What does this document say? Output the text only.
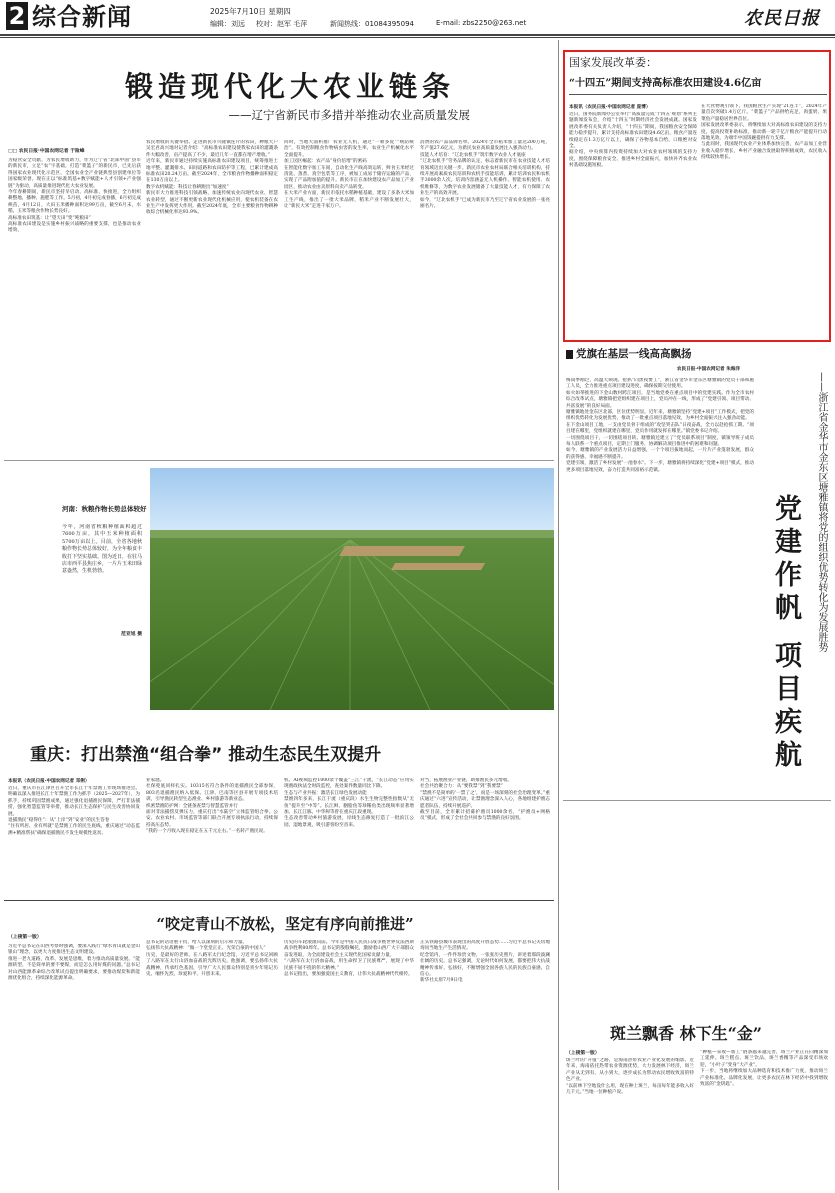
2 综合新闻	2025年7月10日 星期四
编辑：刘远 校对：赵军 毛萍	新闻热线：01084395094	E-mail: zbs2250@263.net	农民日报
锻造现代化大农业链条
——辽宁省新民市多措并举推动农业高质量发展
□□ 农民日报·中国农网记者 于险峰
为稳食安全贡献，为农民增收助力，作为辽宁省“北部中国”县市的新民市，立足“农”字基础，打造“菜篮子”的新民市，已先后获得国家农业现代化示范区、全国农业全产业链典型县创建单位等国家级荣誉。现在正以“标准筑基+数字赋能+人才引领+产业强链”为驱动，高质量推进现代化大农业发展。
今年春耕期间，新民市坚持早启动、高标准、快推进，全力组织耕整地、播种、施肥等工作。5月初，4月初完成春播，6月初完成秧苗，4月12日，大田玉米播种面积达99万亩，截至6月末，水稻、玉米等粮食作物长势良好。
高标准农田筑基：让“望天田”变“吨粮田”
高标准农田建设是实施乡村振兴战略的重要支撑，也是推动农业增效、
农民增收的关键举措。走进新民市兴隆镇连片的农田，种粮大户吴宏君高兴地对记者介绍：“高标准农田建设使我家农田的灌溉条件大幅改善，亩产提高了不少，最近几年一直都在增产增收。”
近年来，新民市通过持续实施高标准农田建设项目，统筹推进土地平整、灌溉排水、田间道路和农田防护等工程，已累计建成高标准农田20.24万亩。截至2024年，全市粮食作物播种面积稳定在130万亩以上。
数字农机赋能：科技让春耕跑出“加速度”
新民市大力推进科技引领战略，加速传统农业向现代农业、智慧农业转型，通过不断更新农业现代化机械应用，使农机装备在农业生产中发挥更大作用。截至2024年底，全市主要粮食作物耕种收综合机械化率达93.9%。
同时，当地大面积推广农业无人机，通过“一喷多促”“统防统治”，有效控制粮食作物病虫害的发生率，农业生产机械化水平全面提升。
加工园区崛起：农产品“身价倍增”的密码
在智能化数字加工车间，自动化生产线高效运转，鲜食玉米经过清洗、蒸煮、真空包装等工序，被加工成易于储存运输的产品，实现了产品附加值的提升。新民市正在加快建设农产品加工产业园区，推动农业由卖原料向卖产品转变。
在大米产业方面，新民市依托水稻种植基础，建设了多条大米加工生产线，推出了一批大米品牌，稻米产业不断发展壮大，让“新民大米”走进千家万户。
消费的农产品品牌名单。2024年全市稻米加工量达200万吨，年产值27.6亿元，为新民农业高质量发展注入强劲动力。
技能人才培育：“辽北农机手”筑牢数字农业人才底座
“辽北农机手”劳务品牌的认定，标志着新民市在农业技能人才培育领域迈出关键一步。新民市农业农村局联合相关培训机构，持续开展高素质农民培训和农机手技能培训，累计培训农民和农机手3000余人次。培训内容涵盖无人机操作、智能农机使用、农机维修等，为数字农业发展储备了大量技能人才，有力保障了农业生产的高效开展。
如今，“辽北农机手”已成为新民市乃至辽宁省农业发展的一张亮丽名片。
河南：秋粮作物长势总体较好
今年，河南省秋粮种植面积超过7600万亩，其中玉米种植面积5700万亩以上。目前，全省各地秋粮作物长势总体较好，为全年粮食丰收打下坚实基础。图为近日，在驻马店市西平县焦庄乡，一片片玉米田绿意盎然，生机勃勃。
范亚旭 摄
重庆：打出禁渔“组合拳” 推动生态民生双提升
本报讯（农民日报·中国农网记者 邓俐）
近日，重庆市在江津区召开全市长江十年禁渔工作现场推进会。明确以深入推进长江十年禁渔工作为抓手（2025—2027年），为抓手，持续巩固禁渔成果，通过强化退捕渔民保障，严打非法捕捞，强化智慧监管等举措，推动长江生态保护与民生改善协同发展。
退捕渔民“稳得住”：从“上岸”到“安业”的民生答卷
“住有所居、业有所就”是禁渔工作的民生底线。重庆通过“动态监测+精准帮扶”确保退捕渔民不发生规模性返贫。
业家庭。
社保兜底同样扎实。10315名符合条件的退捕渔民全部参保，803名退捕渔民纳入低保。江津、巴南等区县开展专项技术培训，引导渔民转型生态渔业、乡村旅游等新业态。
织密禁渔防护网：全链条查禁与智慧监管并行
面对非法捕捞反弹压力，重庆打出“水陆空”立体监管组合拳。公安、农业农村、市场监管等部门联合开展专项执法行动，持续保持高压态势。
“我的一个月收入现在稳定在五千元左右。”一名转产渔民说。
机、AI视频监控1000余个覆盖“三江”干流，“长江动态”应用实现渔政执法全时段监控，查处案件数量同比下降。
生态与产业共振：激活长江绿色发展动能
禁渔四年多来，长江干流（重庆段）水生生物完整性指数从“无鱼”提升至“中等”。长江鲟、胭脂鱼等珍稀鱼类出现频率显著增加。长江江豚、中华鲟等曾在重庆江段重现。
生态改善带动乡村旅游发展，岸线生态修复打造了一批滨江公园、湿地景观，吸引游客纷至沓来。
对当，拓展渔业产业链，助推渔民多元增收。
社会共治聚合力：从“要我禁”到“我要禁”
“禁渔不是简单的‘一禁了之’，而是一场深刻的社会治理变革。”重庆通过“六进”宣传活动，让禁渔理念深入人心，各地组建护渔志愿者队伍，持续开展巡护。
截至目前，全市累计招募护渔员1000余名，“护渔员+网格员”模式，形成了全社会共同参与禁渔的良好氛围。
“咬定青山不放松，坚定有序向前推进”
（上接第一版）
习近平总书记在山西考察时强调，要深入践行“绿水青山就是金山银山”理念，以更大力度推进生态文明建设。
推进一老九道路，改革、发展是思维，着力推动高质量发展。“能源转型，不是简单的要不要煤，而是怎么用好煤的问题。”总书记对山西能源革命综合改革试点提出明确要求，要推动煤炭和新能源优化组合，持续深化能源革命。
总书记的话语重千钧，给人以深刻的启示和力量。
弘扬伟大抗战精神：“做一个堂堂正正、光荣自豪的中国人”
历史，是最好的老师。在八路军太行纪念馆，习近平总书记回顾了八路军在太行山浴血奋战的光辉历史。他强调，要弘扬伟大抗战精神，传承红色基因，引导广大人民群众特别是青少年铭记历史、缅怀先烈、珍爱和平、开创未来。
历史的车轮滚滚向前。今年是中国人民抗日战争暨世界反法西斯战争胜利80周年。总书记的殷殷嘱托，激励着山西广大干部群众奋发进取，为全面建设社会主义现代化国家贡献力量。
“八路军在太行浴血奋战，用生命捍卫了民族尊严，展现了中华民族不屈不挠的伟大精神。”
总书记指出，要加强爱国主义教育，让伟大抗战精神代代相传。
正头铁路县城市表现出的高度开放态势……习近平总书记关切地询问当地生产生活情况。
纪念馆内，一件件珍贵文物，一张张历史照片，讲述着那段波澜壮阔的历史。总书记强调，无论时代如何发展，都要把伟大抗战精神传承好、弘扬好，不断增强全国各族人民的民族自豪感、自信心。
新华社太原7月9日电
国家发展改革委：
“十四五”期间支持高标准农田建设4.6亿亩
本报讯（农民日报·中国农网记者 庞博）
近日，国务院新闻办公室举行“高质量完成‘十四五’规划”系列主题新闻发布会，介绍“十四五”时期经济社会发展成就。国家发展改革委有关负责人介绍，“十四五”期间，我国粮食安全保障能力稳步提升，累计支持高标准农田建设4.6亿亩，粮食产量连续稳定在1.3万亿斤以上，确保了谷物基本自给、口粮绝对安全。
据介绍，中央预算内投资持续加大对农业农村领域的支持力度，围绕保障粮食安全、推进乡村全面振兴，加快补齐农业农村基础设施短板。
在大食物观引领下，我国粮食生产实现“21连丰”，2024年产量首次突破1.4万亿斤。“菜篮子”产品供给充足，肉蛋奶、果菜鱼产量稳居世界首位。
国家发展改革委表示，将继续加大对高标准农田建设的支持力度，提高投资补助标准，推动新一轮千亿斤粮食产能提升行动落地见效，为端牢中国饭碗提供有力支撑。
与此同时，我国现代农业产业体系加快完善，农产品加工业营业收入稳步增长，乡村产业融合发展取得积极成效，农民收入持续较快增长。
党旗在基层一线高高飘扬
农民日报·中国农网记者 朱海洋
梅雨季刚过，高温天频现。抢抓“向黑夜要工”，浙江省金华市金东区塘雅镇的党员干部和施工人员，全力推进重点项目建设进度，确保按期交付使用。
如火如荼推进的下金山数村跨江项目，是当地党委在重点项目中的党建实践。作为全市农村综合改革试点，塘雅镇把党组织建在项目上，党员冲在一线，形成了“党建引领、项目带动、共富发展”的良好局面。
塘雅镇地处金东区北部，区位优势明显。近年来，塘雅镇坚持“党建+项目”工作模式，把党的组织优势转化为发展优势，推动了一批重点项目落地见效，为乡村全面振兴注入强劲动能。
在下金山项目工地，一支由党员骨干组成的“攻坚突击队”日夜奋战，全力以赴抢抓工期。“项目建在哪里，党组织就建在哪里，党员作用就发挥在哪里。”镇党委书记介绍。
一切围绕项目干，一切围绕项目转。塘雅镇还建立了“党员联系项目”制度，镇领导班子成员每人联系一个重点项目，定期上门服务，协调解决项目推进中的困难和问题。
如今，塘雅镇的产业发展活力日益增强，一个个项目拔地而起，一片片产业蓬勃发展，群众的获得感、幸福感不断提升。
党建引领，激活了乡村发展“一池春水”。下一步，塘雅镇将持续深化“党建+项目”模式，推动更多项目落地见效，奋力打造共同富裕示范镇。
党建作帆 项目疾航	——浙江省金华市金东区塘雅镇将党的组织优势转化为发展胜势
斑兰飘香 林下生“金”
（上接第一版）
斑兰叶的“升值”之路，是海南热带农业产业化发展的缩影。近年来，海南依托热带农业资源优势，大力发展林下经济，斑兰产业从无到有、从小到大，逐步成长为带动农民增收致富的特色产业。
“以前林下空地没什么用，现在种上斑兰，每亩每年能多收入好几千元。”当地一位种植户说。
“种植—采收—加工”链条越来越完善，斑兰产业正在向精深加工延伸。斑兰糕点、斑兰饮品、斑兰香精等产品深受市场欢迎，“小叶子”变身“大产业”。
下一步，当地将继续加大品种选育和技术推广力度，推动斑兰产业标准化、品牌化发展，让更多农民在林下经济中找到增收致富的“金钥匙”。
